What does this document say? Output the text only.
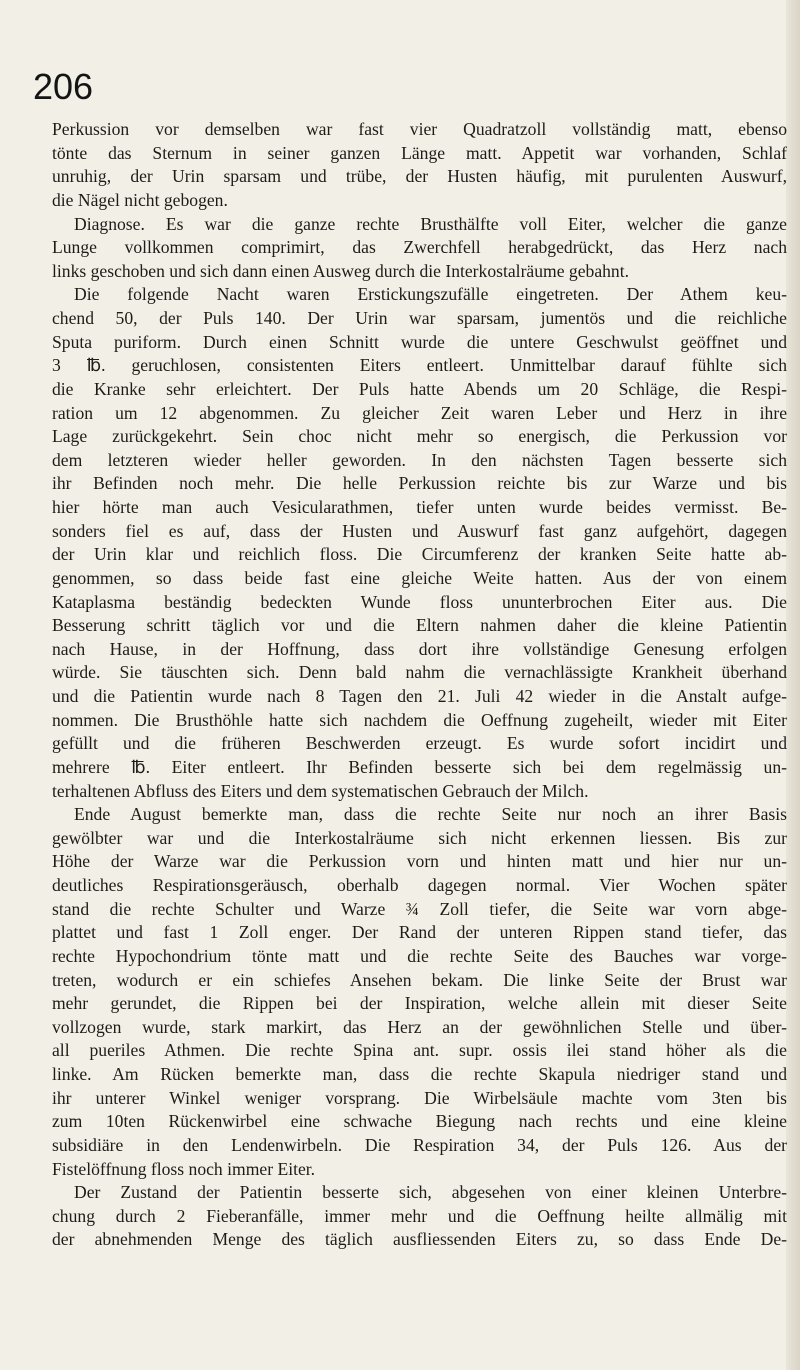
206

Perkussion vor demselben war fast vier Quadratzoll vollständig matt, ebenso
tönte das Sternum in seiner ganzen Länge matt. Appetit war vorhanden, Schlaf
unruhig, der Urin sparsam und trübe, der Husten häufig, mit purulenten Auswurf,
die Nägel nicht gebogen.

Diagnose. Es war die ganze rechte Brusthälfte voll Eiter, welcher die ganze
Lunge vollkommen comprimirt, das Zwerchfell herabgedrückt, das Herz nach
links geschoben und sich dann einen Ausweg durch die Interkostalräume gebahnt.

Die folgende Nacht waren Erstickungszufälle eingetreten. Der Athem keu-
chend 50, der Puls 140. Der Urin war sparsam, jumentös und die reichliche
Sputa puriform. Durch einen Schnitt wurde die untere Geschwulst geöffnet und
3 ℔. geruchlosen, consistenten Eiters entleert. Unmittelbar darauf fühlte sich
die Kranke sehr erleichtert. Der Puls hatte Abends um 20 Schläge, die Respi-
ration um 12 abgenommen. Zu gleicher Zeit waren Leber und Herz in ihre
Lage zurückgekehrt. Sein choc nicht mehr so energisch, die Perkussion vor
dem letzteren wieder heller geworden. In den nächsten Tagen besserte sich
ihr Befinden noch mehr. Die helle Perkussion reichte bis zur Warze und bis
hier hörte man auch Vesicularathmen, tiefer unten wurde beides vermisst. Be-
sonders fiel es auf, dass der Husten und Auswurf fast ganz aufgehört, dagegen
der Urin klar und reichlich floss. Die Circumferenz der kranken Seite hatte ab-
genommen, so dass beide fast eine gleiche Weite hatten. Aus der von einem
Kataplasma beständig bedeckten Wunde floss ununterbrochen Eiter aus. Die
Besserung schritt täglich vor und die Eltern nahmen daher die kleine Patientin
nach Hause, in der Hoffnung, dass dort ihre vollständige Genesung erfolgen
würde. Sie täuschten sich. Denn bald nahm die vernachlässigte Krankheit überhand
und die Patientin wurde nach 8 Tagen den 21. Juli 42 wieder in die Anstalt aufge-
nommen. Die Brusthöhle hatte sich nachdem die Oeffnung zugeheilt, wieder mit Eiter
gefüllt und die früheren Beschwerden erzeugt. Es wurde sofort incidirt und
mehrere ℔. Eiter entleert. Ihr Befinden besserte sich bei dem regelmässig un-
terhaltenen Abfluss des Eiters und dem systematischen Gebrauch der Milch.

Ende August bemerkte man, dass die rechte Seite nur noch an ihrer Basis
gewölbter war und die Interkostalräume sich nicht erkennen liessen. Bis zur
Höhe der Warze war die Perkussion vorn und hinten matt und hier nur un-
deutliches Respirationsgeräusch, oberhalb dagegen normal. Vier Wochen später
stand die rechte Schulter und Warze ¾ Zoll tiefer, die Seite war vorn abge-
plattet und fast 1 Zoll enger. Der Rand der unteren Rippen stand tiefer, das
rechte Hypochondrium tönte matt und die rechte Seite des Bauches war vorge-
treten, wodurch er ein schiefes Ansehen bekam. Die linke Seite der Brust war
mehr gerundet, die Rippen bei der Inspiration, welche allein mit dieser Seite
vollzogen wurde, stark markirt, das Herz an der gewöhnlichen Stelle und über-
all pueriles Athmen. Die rechte Spina ant. supr. ossis ilei stand höher als die
linke. Am Rücken bemerkte man, dass die rechte Skapula niedriger stand und
ihr unterer Winkel weniger vorsprang. Die Wirbelsäule machte vom 3ten bis
zum 10ten Rückenwirbel eine schwache Biegung nach rechts und eine kleine
subsidiäre in den Lendenwirbeln. Die Respiration 34, der Puls 126. Aus der
Fistelöffnung floss noch immer Eiter.

Der Zustand der Patientin besserte sich, abgesehen von einer kleinen Unterbre-
chung durch 2 Fieberanfälle, immer mehr und die Oeffnung heilte allmälig mit
der abnehmenden Menge des täglich ausfliessenden Eiters zu, so dass Ende De-
